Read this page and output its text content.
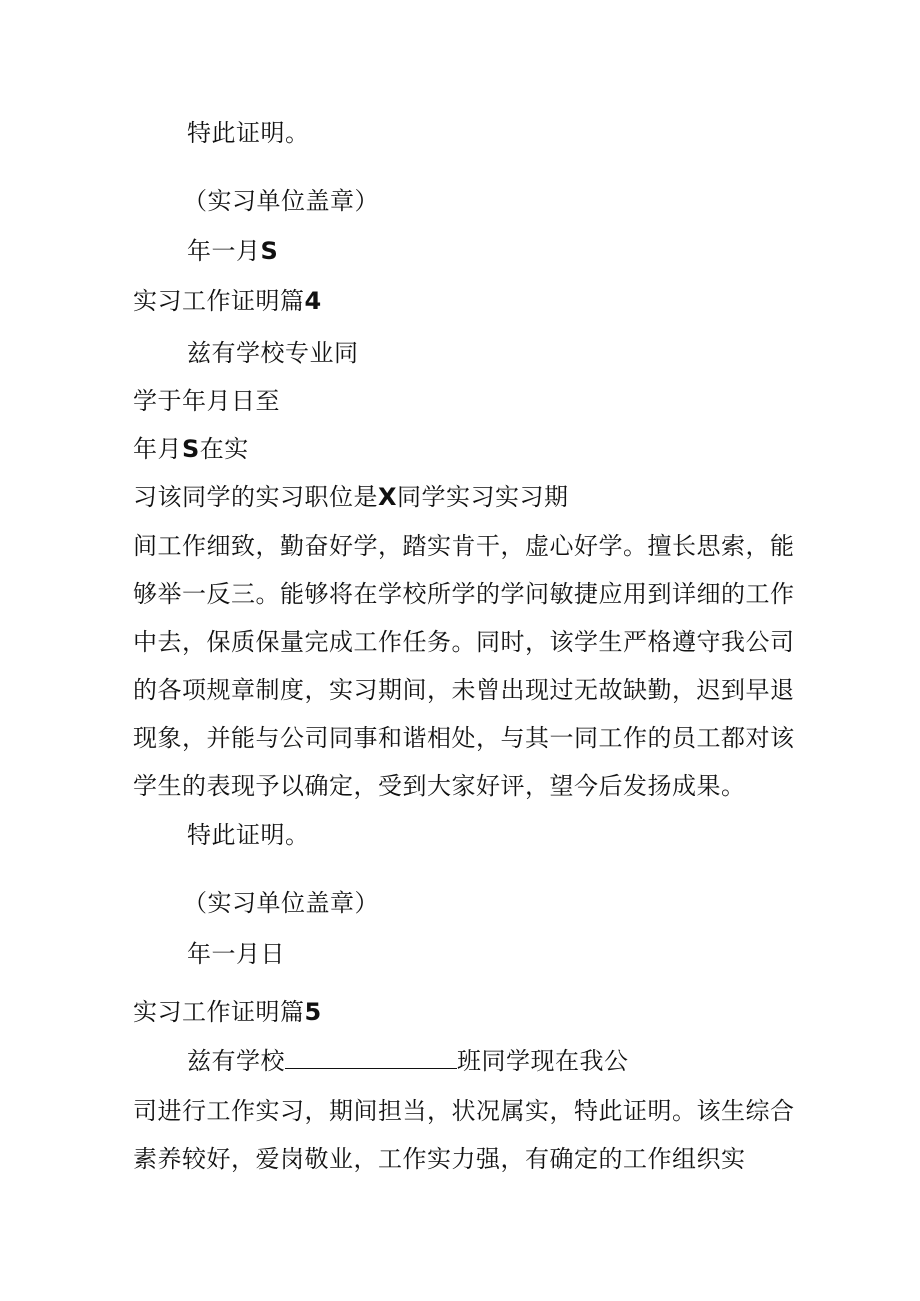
特此证明。
（实习单位盖章）
年一月S
实习工作证明篇4
兹有学校专业同
学于年月日至
年月S在实
习该同学的实习职位是X同学实习实习期
间工作细致，勤奋好学，踏实肯干，虚心好学。擅长思索，能
够举一反三。能够将在学校所学的学问敏捷应用到详细的工作
中去，保质保量完成工作任务。同时，该学生严格遵守我公司
的各项规章制度，实习期间，未曾出现过无故缺勤，迟到早退
现象，并能与公司同事和谐相处，与其一同工作的员工都对该
学生的表现予以确定，受到大家好评，望今后发扬成果。
特此证明。
（实习单位盖章）
年一月日
实习工作证明篇5
兹有学校	班同学现在我公
司进行工作实习，期间担当，状况属实，特此证明。该生综合
素养较好，爱岗敬业，工作实力强，有确定的工作组织实
